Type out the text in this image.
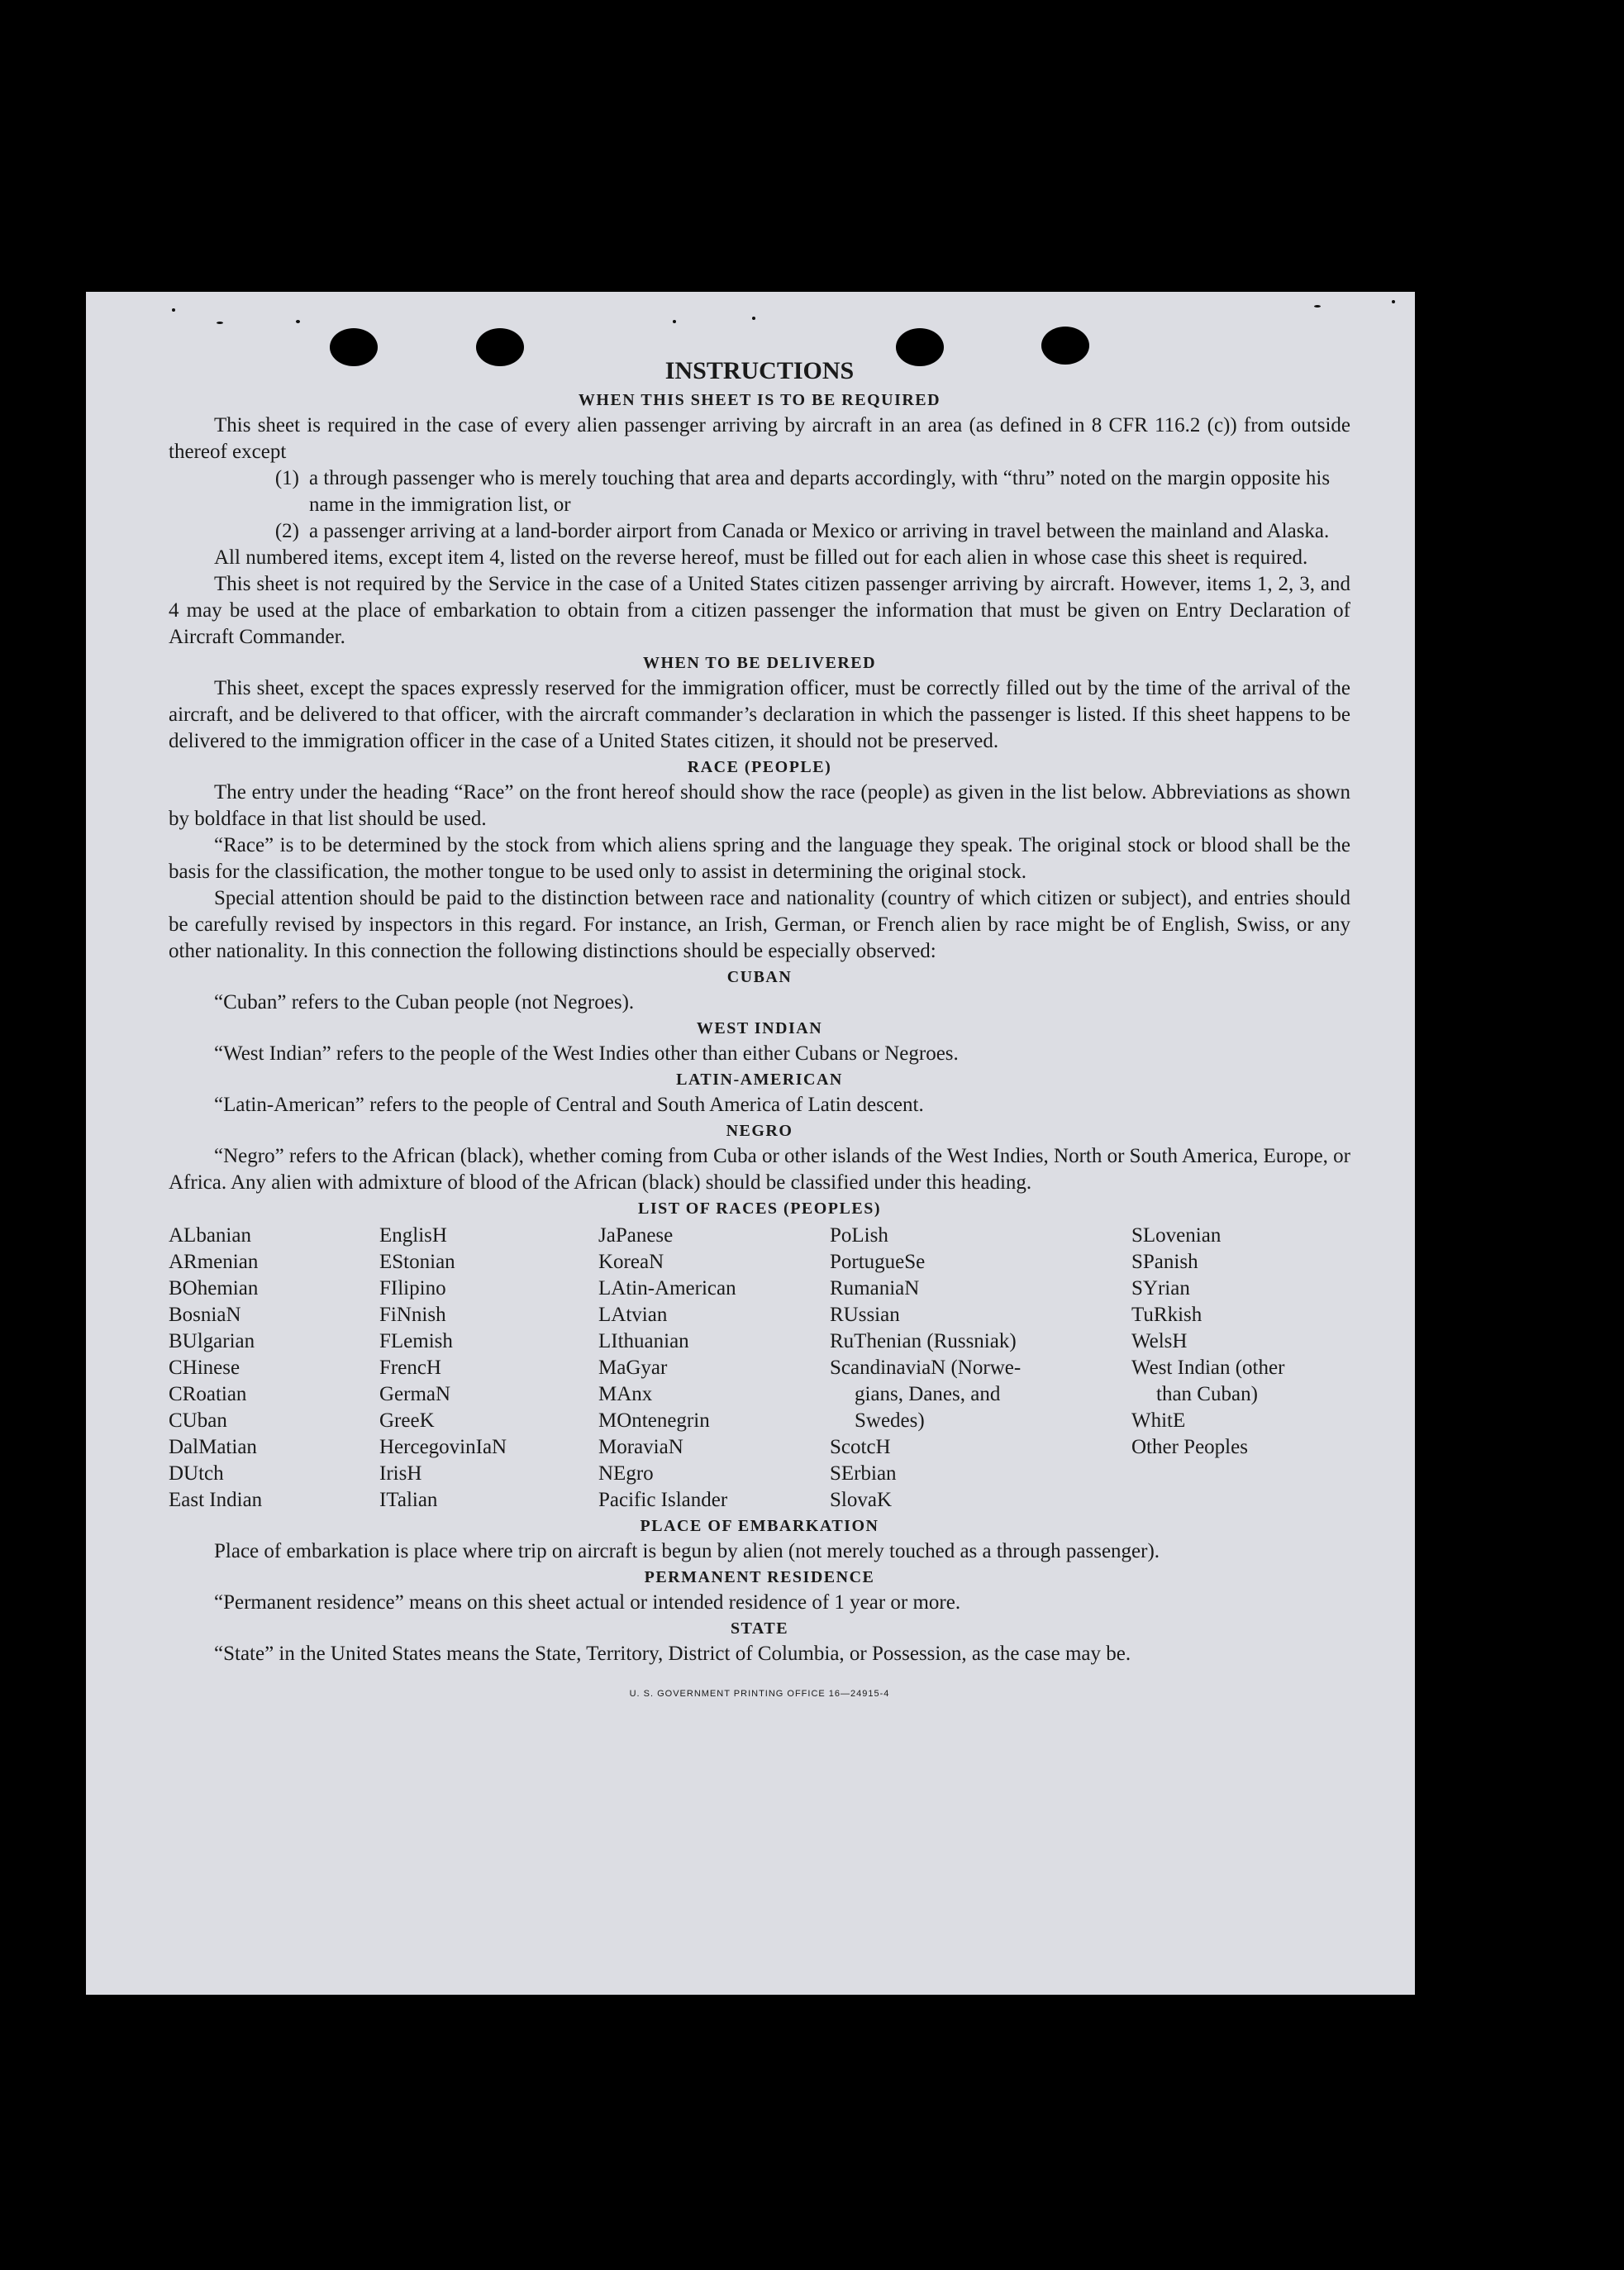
INSTRUCTIONS
WHEN THIS SHEET IS TO BE REQUIRED
This sheet is required in the case of every alien passenger arriving by aircraft in an area (as defined in 8 CFR 116.2 (c)) from outside thereof except
(1) a through passenger who is merely touching that area and departs accordingly, with “thru” noted on the margin opposite his name in the immigration list, or
(2) a passenger arriving at a land-border airport from Canada or Mexico or arriving in travel between the mainland and Alaska.
All numbered items, except item 4, listed on the reverse hereof, must be filled out for each alien in whose case this sheet is required.
This sheet is not required by the Service in the case of a United States citizen passenger arriving by aircraft. However, items 1, 2, 3, and 4 may be used at the place of embarkation to obtain from a citizen passenger the information that must be given on Entry Declaration of Aircraft Commander.
WHEN TO BE DELIVERED
This sheet, except the spaces expressly reserved for the immigration officer, must be correctly filled out by the time of the arrival of the aircraft, and be delivered to that officer, with the aircraft commander’s declaration in which the passenger is listed. If this sheet happens to be delivered to the immigration officer in the case of a United States citizen, it should not be preserved.
RACE (PEOPLE)
The entry under the heading “Race” on the front hereof should show the race (people) as given in the list below. Abbreviations as shown by boldface in that list should be used.
“Race” is to be determined by the stock from which aliens spring and the language they speak. The original stock or blood shall be the basis for the classification, the mother tongue to be used only to assist in determining the original stock.
Special attention should be paid to the distinction between race and nationality (country of which citizen or subject), and entries should be carefully revised by inspectors in this regard. For instance, an Irish, German, or French alien by race might be of English, Swiss, or any other nationality. In this connection the following distinctions should be especially observed:
CUBAN
“Cuban” refers to the Cuban people (not Negroes).
WEST INDIAN
“West Indian” refers to the people of the West Indies other than either Cubans or Negroes.
LATIN-AMERICAN
“Latin-American” refers to the people of Central and South America of Latin descent.
NEGRO
“Negro” refers to the African (black), whether coming from Cuba or other islands of the West Indies, North or South America, Europe, or Africa. Any alien with admixture of blood of the African (black) should be classified under this heading.
LIST OF RACES (PEOPLES)
ALbanian
ARmenian
BOhemian
BosniaN
BUlgarian
CHinese
CRoatian
CUban
DalMatian
DUtch
East Indian
EnglisH
EStonian
FIlipino
FiNnish
FLemish
FrencH
GermaN
GreeK
HercegovinIaN
IrisH
ITalian
JaPanese
KoreaN
LAtin-American
LAtvian
LIthuanian
MaGyar
MAnx
MOntenegrin
MoraviaN
NEgro
Pacific Islander
PoLish
PortugueSe
RumaniaN
RUssian
RuThenian (Russniak)
ScandinaviaN (Norwe-
gians, Danes, and
Swedes)
ScotcH
SErbian
SlovaK
SLovenian
SPanish
SYrian
TuRkish
WelsH
West Indian (other
than Cuban)
WhitE
Other Peoples
PLACE OF EMBARKATION
Place of embarkation is place where trip on aircraft is begun by alien (not merely touched as a through passenger).
PERMANENT RESIDENCE
“Permanent residence” means on this sheet actual or intended residence of 1 year or more.
STATE
“State” in the United States means the State, Territory, District of Columbia, or Possession, as the case may be.
U. S. GOVERNMENT PRINTING OFFICE 16—24915-4
